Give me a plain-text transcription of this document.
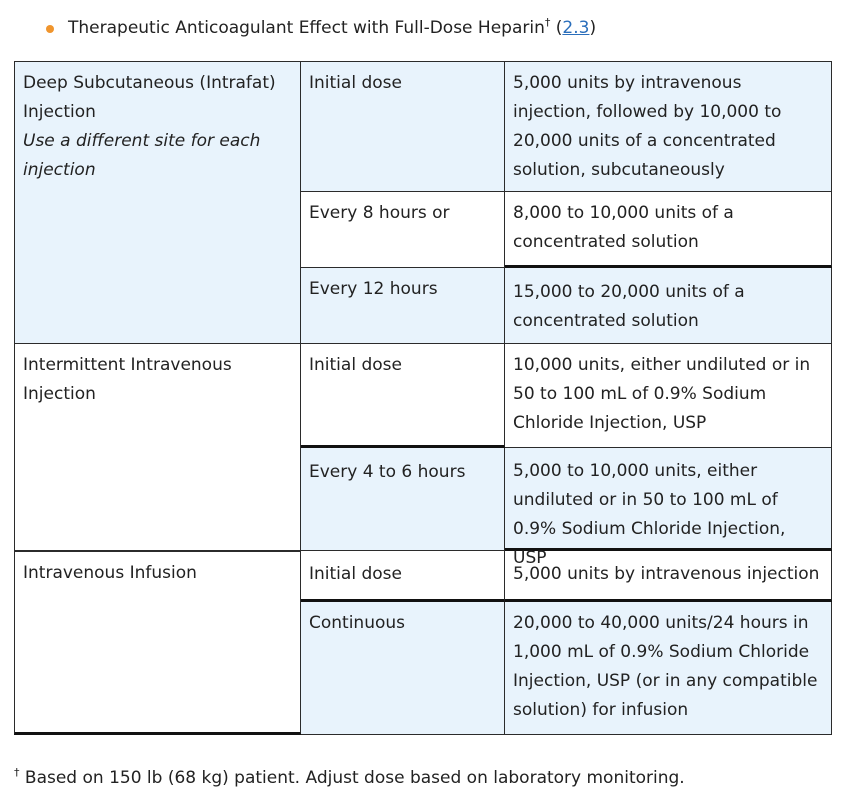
Therapeutic Anticoagulant Effect with Full-Dose Heparin† (2.3)
Deep Subcutaneous (Intrafat) Injection
Use a different site for each injection
Initial dose	5,000 units by intravenous injection, followed by 10,000 to 20,000 units of a concentrated solution, subcutaneously
Every 8 hours or	8,000 to 10,000 units of a concentrated solution
Every 12 hours	15,000 to 20,000 units of a concentrated solution
Intermittent Intravenous Injection
Initial dose	10,000 units, either undiluted or in 50 to 100 mL of 0.9% Sodium Chloride Injection, USP
Every 4 to 6 hours	5,000 to 10,000 units, either undiluted or in 50 to 100 mL of 0.9% Sodium Chloride Injection, USP
Intravenous Infusion	Initial dose	5,000 units by intravenous injection
Continuous	20,000 to 40,000 units/24 hours in 1,000 mL of 0.9% Sodium Chloride Injection, USP (or in any compatible solution) for infusion
† Based on 150 lb (68 kg) patient. Adjust dose based on laboratory monitoring.
